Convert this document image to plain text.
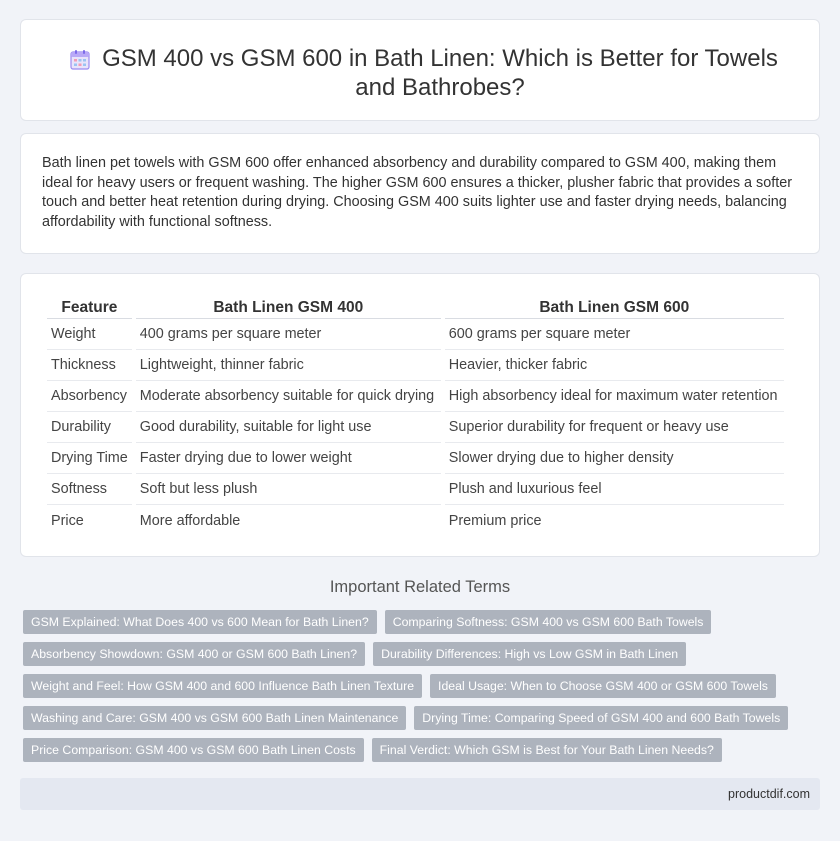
GSM 400 vs GSM 600 in Bath Linen: Which is Better for Towels and Bathrobes?

Bath linen pet towels with GSM 600 offer enhanced absorbency and durability compared to GSM 400, making them ideal for heavy users or frequent washing. The higher GSM 600 ensures a thicker, plusher fabric that provides a softer touch and better heat retention during drying. Choosing GSM 400 suits lighter use and faster drying needs, balancing affordability with functional softness.

Feature	Bath Linen GSM 400	Bath Linen GSM 600
Weight	400 grams per square meter	600 grams per square meter
Thickness	Lightweight, thinner fabric	Heavier, thicker fabric
Absorbency	Moderate absorbency suitable for quick drying	High absorbency ideal for maximum water retention
Durability	Good durability, suitable for light use	Superior durability for frequent or heavy use
Drying Time	Faster drying due to lower weight	Slower drying due to higher density
Softness	Soft but less plush	Plush and luxurious feel
Price	More affordable	Premium price
Important Related Terms
GSM Explained: What Does 400 vs 600 Mean for Bath Linen?	Comparing Softness: GSM 400 vs GSM 600 Bath Towels
Absorbency Showdown: GSM 400 or GSM 600 Bath Linen?	Durability Differences: High vs Low GSM in Bath Linen
Weight and Feel: How GSM 400 and 600 Influence Bath Linen Texture	Ideal Usage: When to Choose GSM 400 or GSM 600 Towels
Washing and Care: GSM 400 vs GSM 600 Bath Linen Maintenance	Drying Time: Comparing Speed of GSM 400 and 600 Bath Towels
Price Comparison: GSM 400 vs GSM 600 Bath Linen Costs	Final Verdict: Which GSM is Best for Your Bath Linen Needs?
productdif.com
